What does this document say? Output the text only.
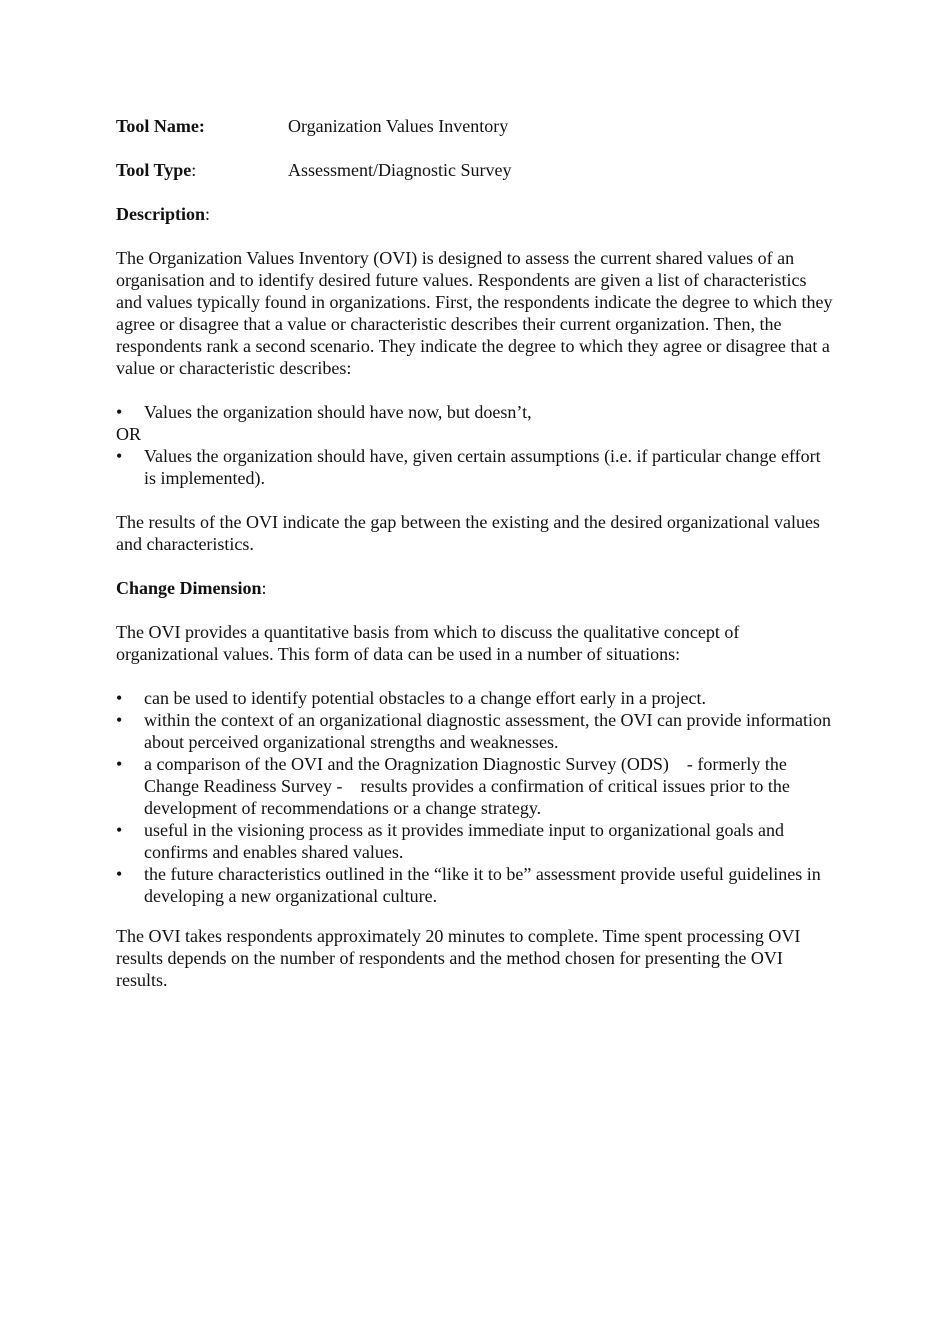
Tool Name:	Organization Values Inventory
Tool Type:	Assessment/Diagnostic Survey
Description:

The Organization Values Inventory (OVI) is designed to assess the current shared values of an organisation and to identify desired future values. Respondents are given a list of characteristics and values typically found in organizations. First, the respondents indicate the degree to which they agree or disagree that a value or characteristic describes their current organization. Then, the respondents rank a second scenario. They indicate the degree to which they agree or disagree that a value or characteristic describes:

• Values the organization should have now, but doesn’t,
OR
• Values the organization should have, given certain assumptions (i.e. if particular change effort is implemented).

The results of the OVI indicate the gap between the existing and the desired organizational values and characteristics.

Change Dimension:

The OVI provides a quantitative basis from which to discuss the qualitative concept of organizational values. This form of data can be used in a number of situations:

• can be used to identify potential obstacles to a change effort early in a project.
• within the context of an organizational diagnostic assessment, the OVI can provide information about perceived organizational strengths and weaknesses.
• a comparison of the OVI and the Oragnization Diagnostic Survey (ODS)    - formerly the Change Readiness Survey -    results provides a confirmation of critical issues prior to the development of recommendations or a change strategy.
• useful in the visioning process as it provides immediate input to organizational goals and confirms and enables shared values.
• the future characteristics outlined in the “like it to be” assessment provide useful guidelines in developing a new organizational culture.

The OVI takes respondents approximately 20 minutes to complete. Time spent processing OVI results depends on the number of respondents and the method chosen for presenting the OVI results.
